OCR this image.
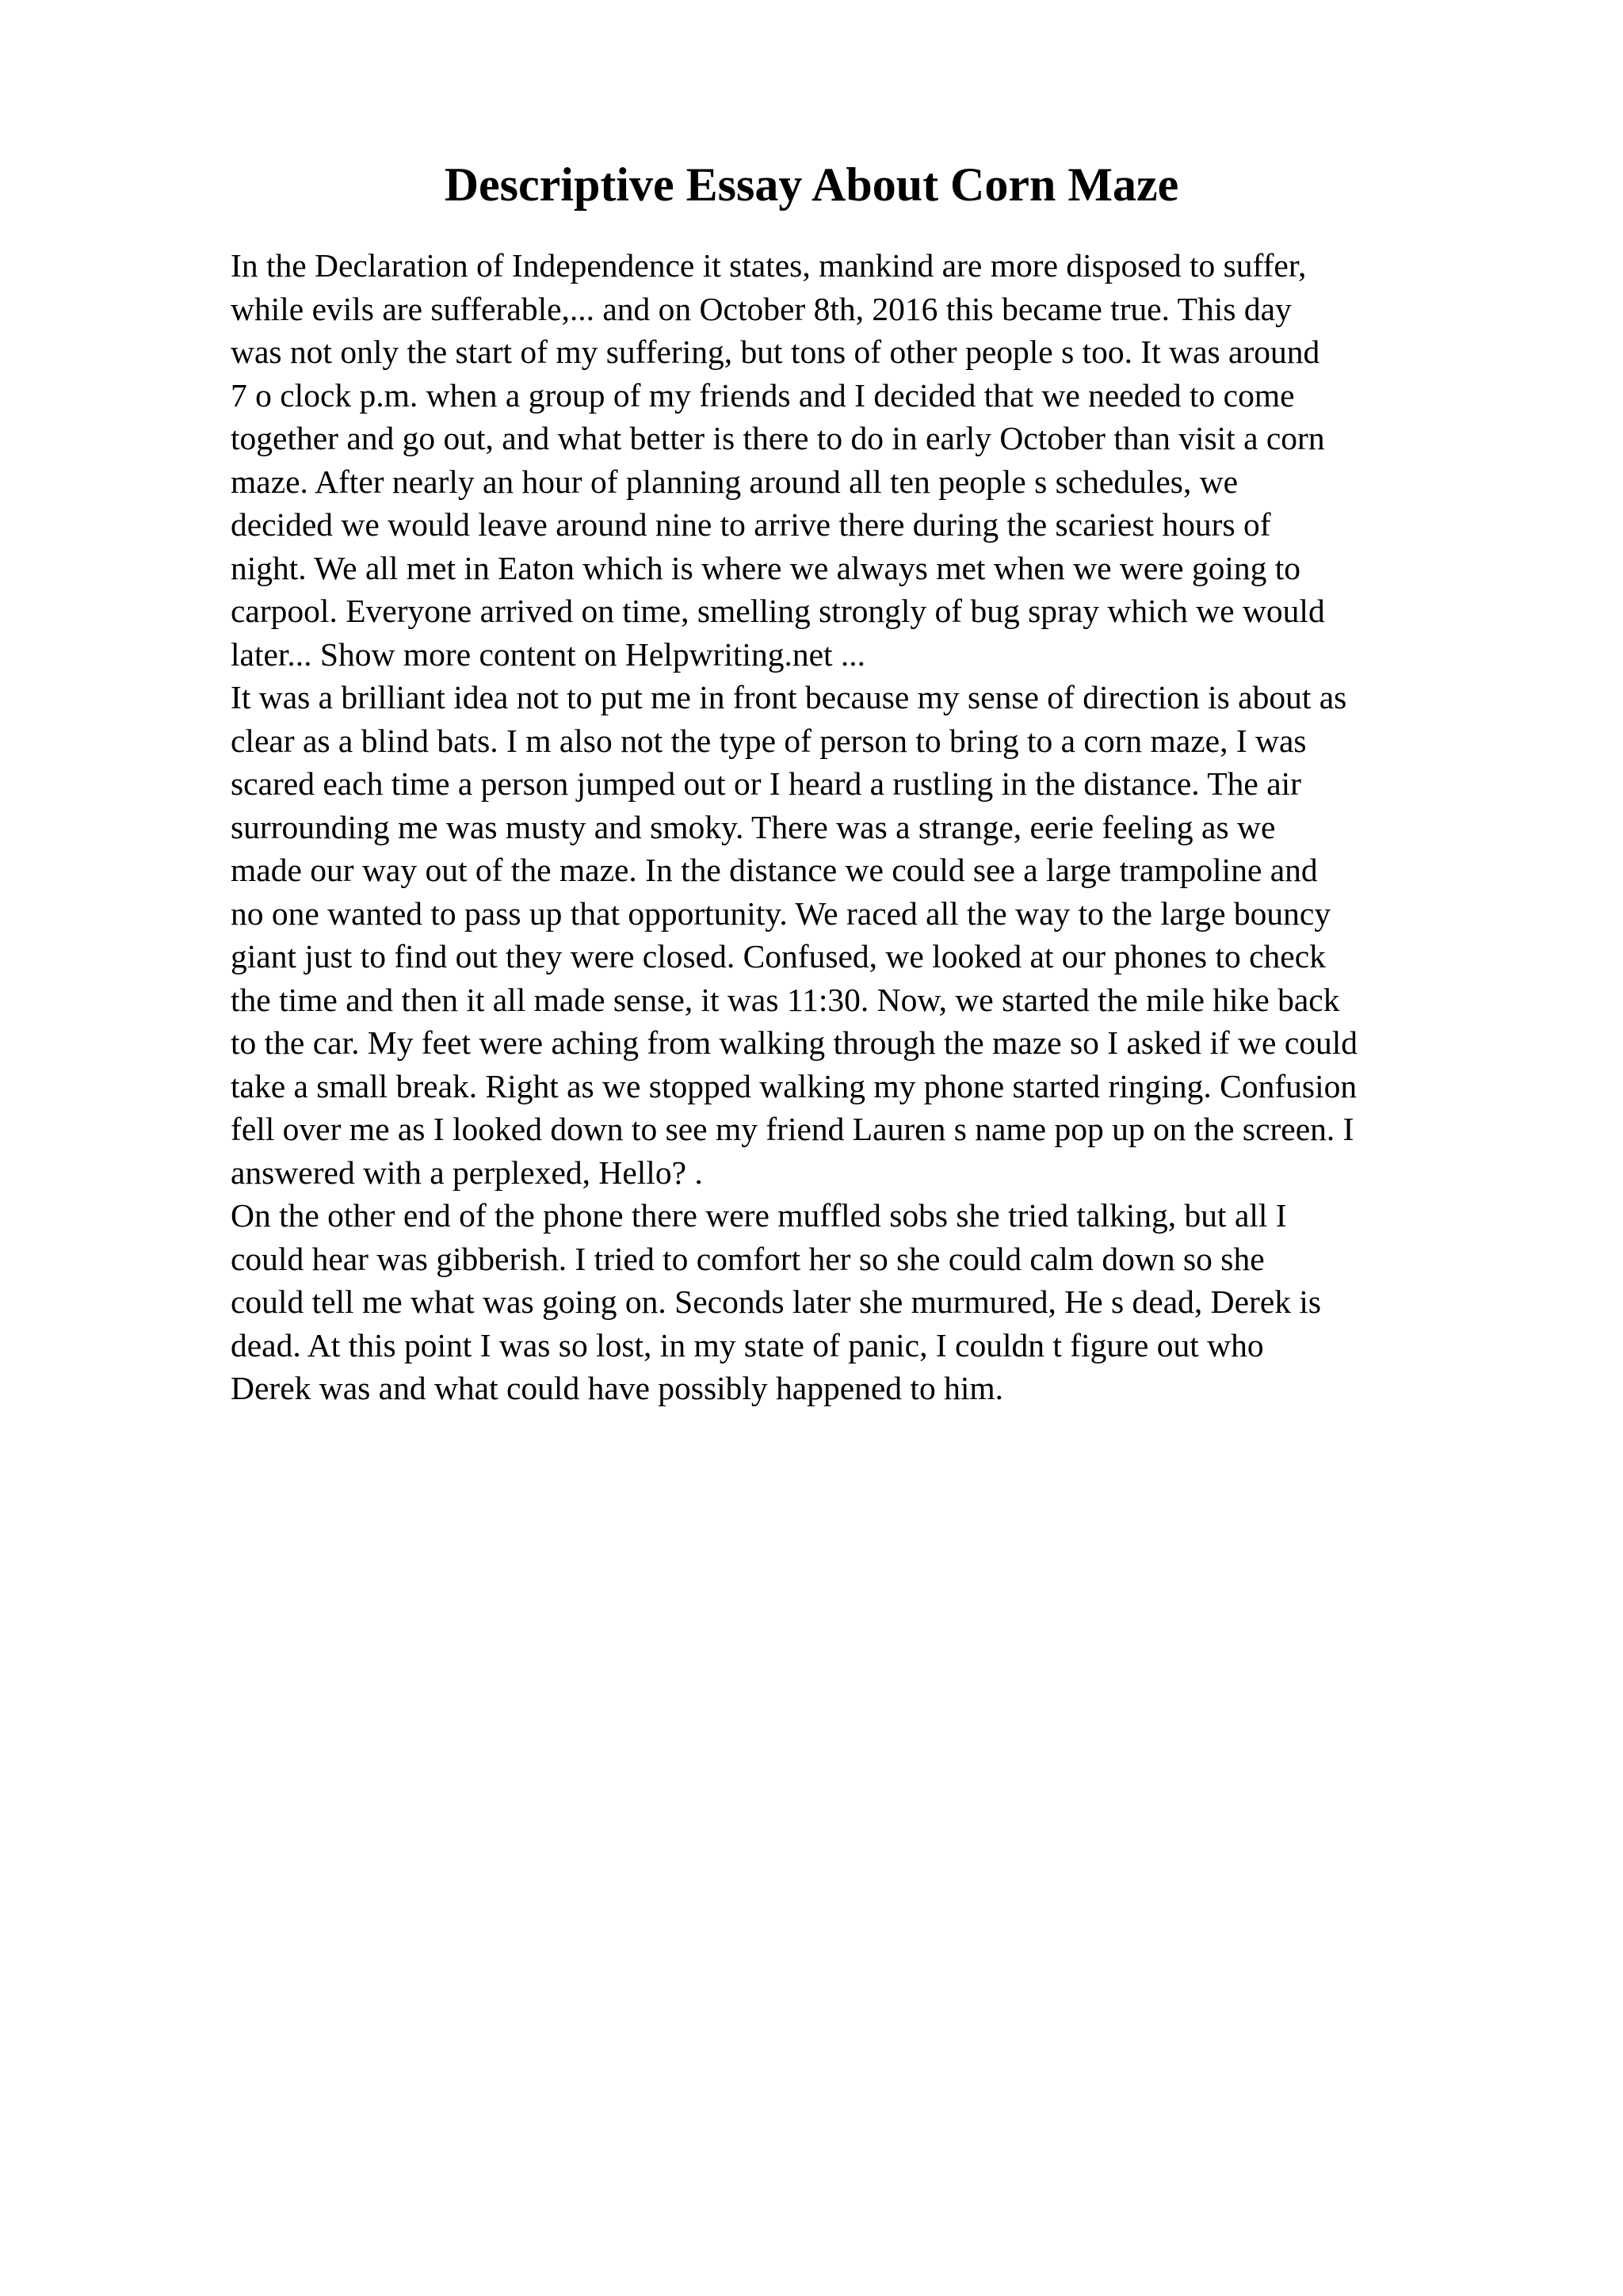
Descriptive Essay About Corn Maze
In the Declaration of Independence it states, mankind are more disposed to suffer,
while evils are sufferable,... and on October 8th, 2016 this became true. This day
was not only the start of my suffering, but tons of other people s too. It was around
7 o clock p.m. when a group of my friends and I decided that we needed to come
together and go out, and what better is there to do in early October than visit a corn
maze. After nearly an hour of planning around all ten people s schedules, we
decided we would leave around nine to arrive there during the scariest hours of
night. We all met in Eaton which is where we always met when we were going to
carpool. Everyone arrived on time, smelling strongly of bug spray which we would
later... Show more content on Helpwriting.net ...
It was a brilliant idea not to put me in front because my sense of direction is about as
clear as a blind bats. I m also not the type of person to bring to a corn maze, I was
scared each time a person jumped out or I heard a rustling in the distance. The air
surrounding me was musty and smoky. There was a strange, eerie feeling as we
made our way out of the maze. In the distance we could see a large trampoline and
no one wanted to pass up that opportunity. We raced all the way to the large bouncy
giant just to find out they were closed. Confused, we looked at our phones to check
the time and then it all made sense, it was 11:30. Now, we started the mile hike back
to the car. My feet were aching from walking through the maze so I asked if we could
take a small break. Right as we stopped walking my phone started ringing. Confusion
fell over me as I looked down to see my friend Lauren s name pop up on the screen. I
answered with a perplexed, Hello? .
On the other end of the phone there were muffled sobs she tried talking, but all I
could hear was gibberish. I tried to comfort her so she could calm down so she
could tell me what was going on. Seconds later she murmured, He s dead, Derek is
dead. At this point I was so lost, in my state of panic, I couldn t figure out who
Derek was and what could have possibly happened to him.
